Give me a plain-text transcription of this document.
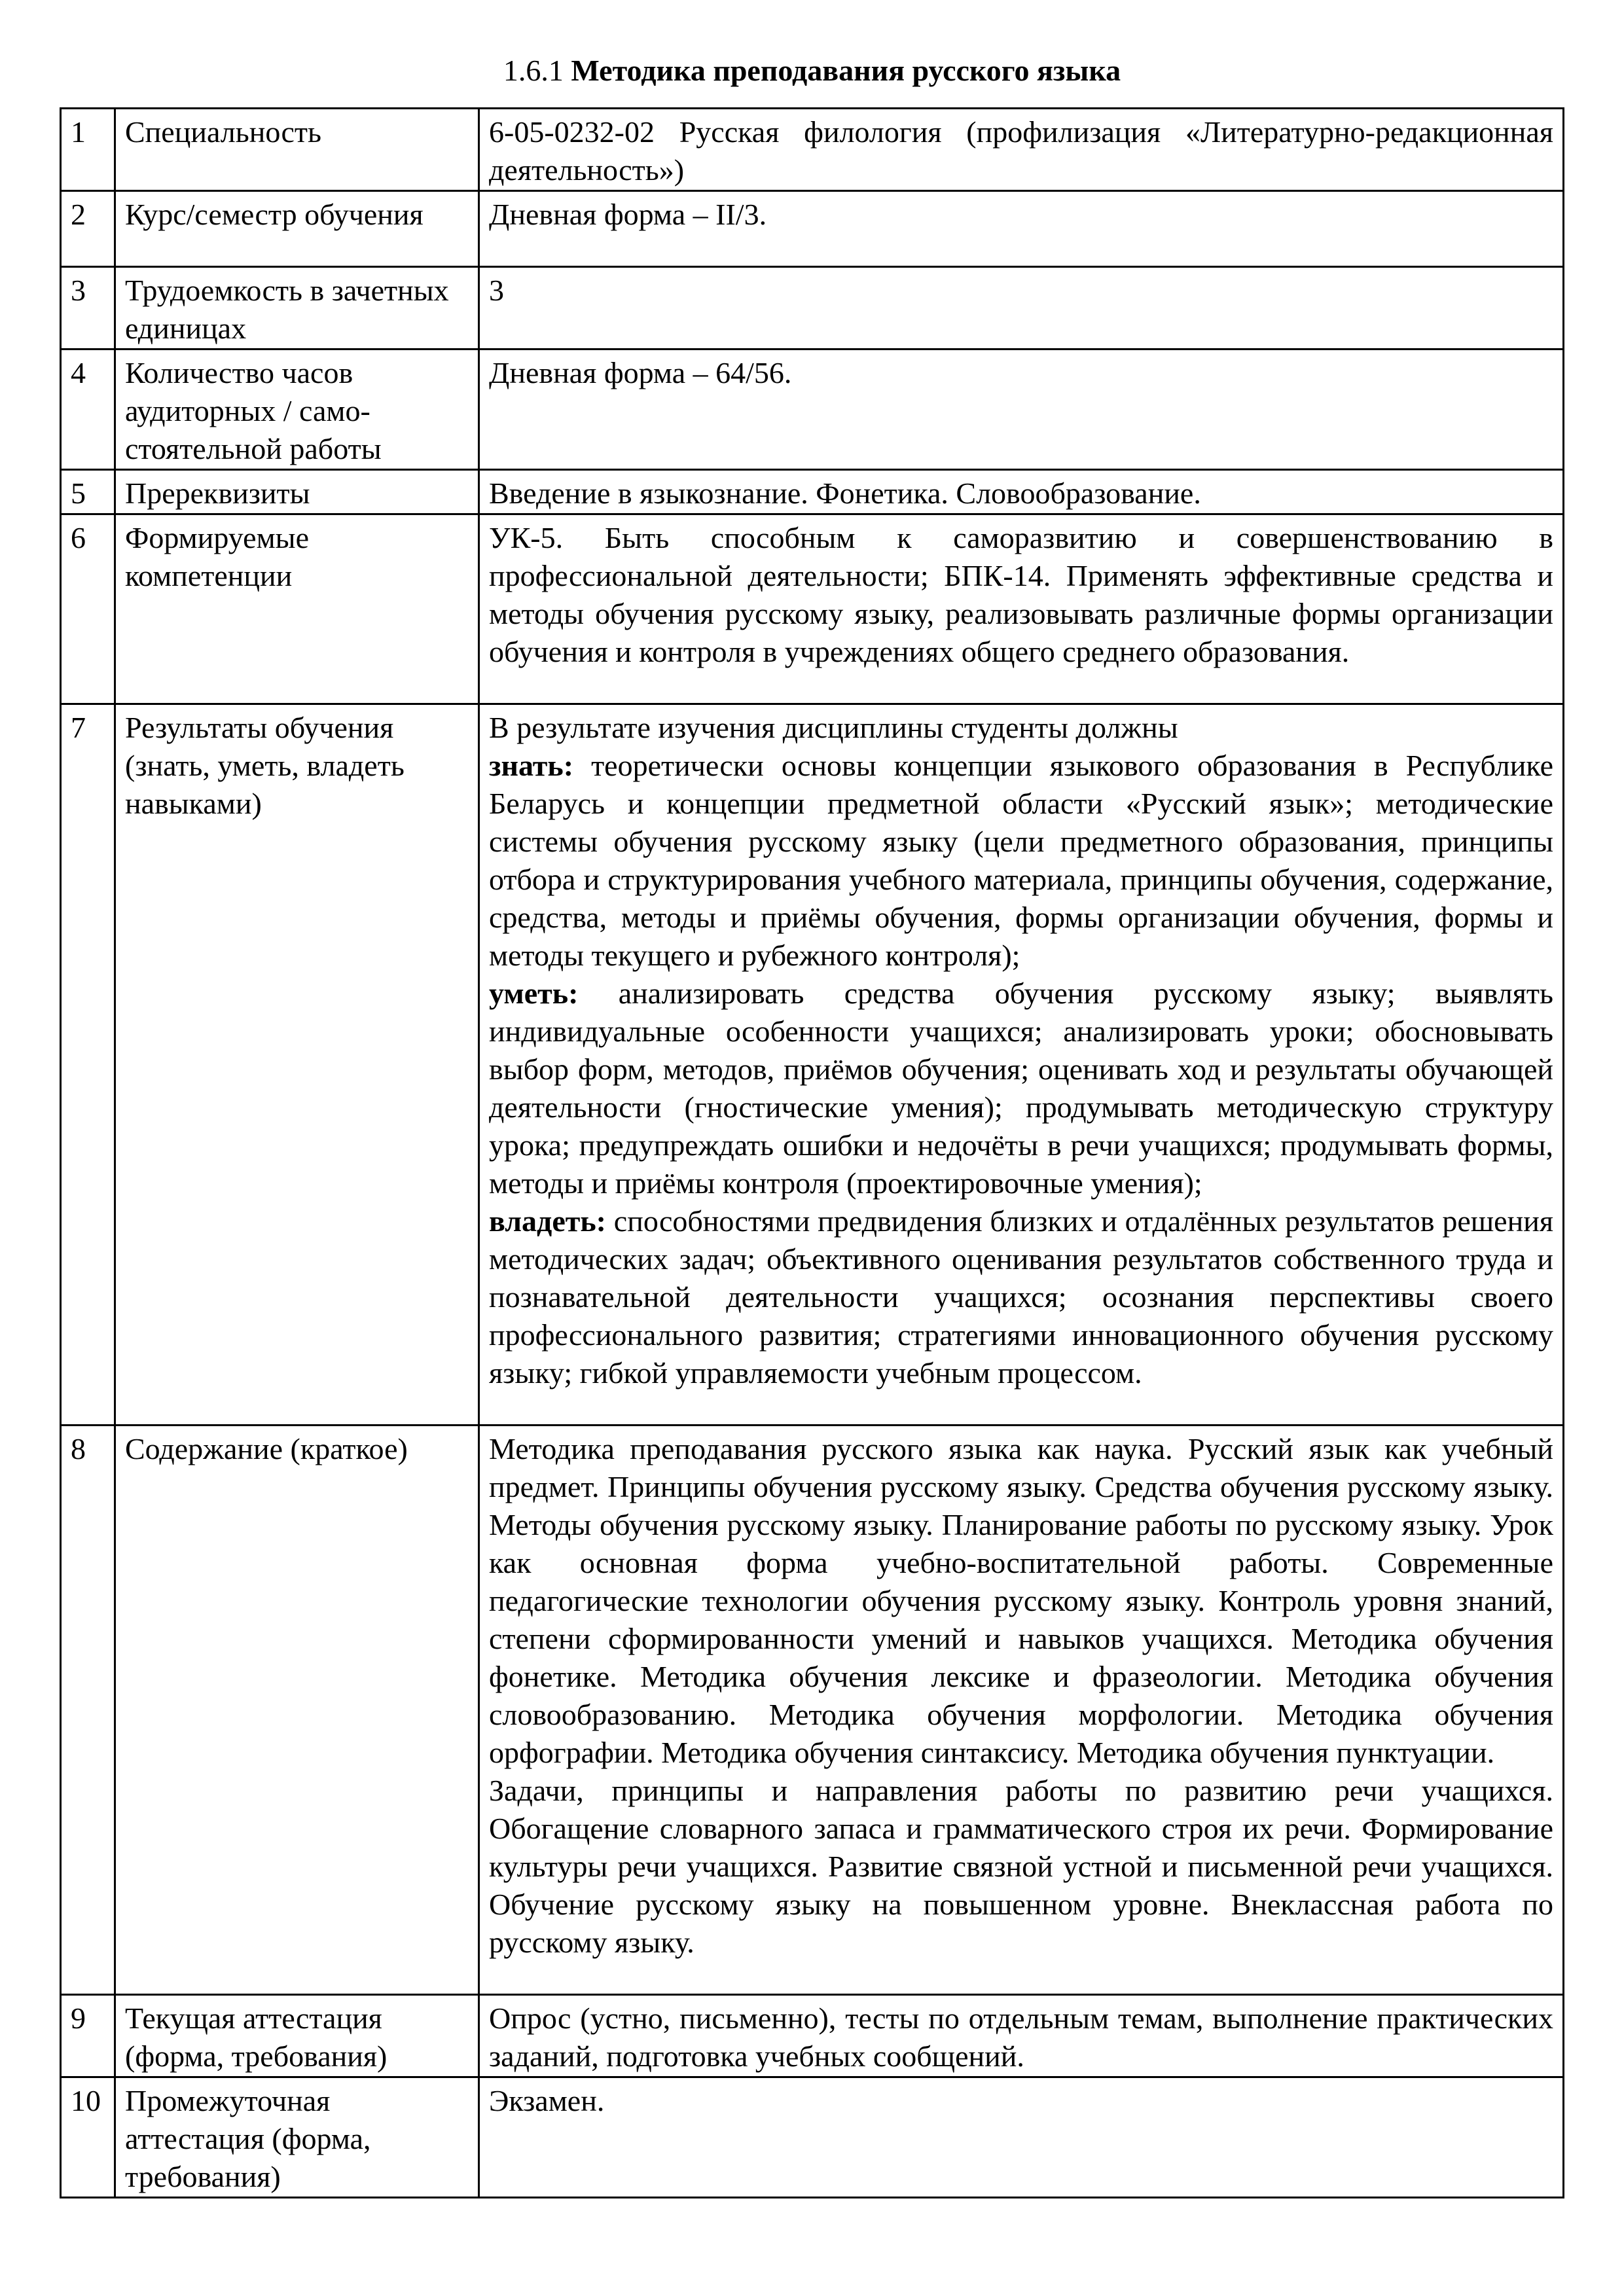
1.6.1 Методика преподавания русского языка
1	Специальность	6-05-0232-02 Русская филология (профилизация «Литературно-редакционная деятельность»)
2	Курс/семестр обучения	Дневная форма – II/3.
3	Трудоемкость в зачетных единицах	3
4	Количество часов аудиторных / само-стоятельной работы	Дневная форма – 64/56.
5	Пререквизиты	Введение в языкознание. Фонетика. Словообразование.
6	Формируемые компетенции	УК-5. Быть способным к саморазвитию и совершенствованию в профессиональной деятельности; БПК-14. Применять эффективные средства и методы обучения русскому языку, реализовывать различные формы организации обучения и контроля в учреждениях общего среднего образования.
7	Результаты обучения (знать, уметь, владеть навыками)	В результате изучения дисциплины студенты должны
знать: теоретически основы концепции языкового образования в Республике Беларусь и концепции предметной области «Русский язык»; методические системы обучения русскому языку (цели предметного образования, принципы отбора и структурирования учебного материала, принципы обучения, содержание, средства, методы и приёмы обучения, формы организации обучения, формы и методы текущего и рубежного контроля);
уметь: анализировать средства обучения русскому языку; выявлять индивидуальные особенности учащихся; анализировать уроки; обосновывать выбор форм, методов, приёмов обучения; оценивать ход и результаты обучающей деятельности (гностические умения); продумывать методическую структуру урока; предупреждать ошибки и недочёты в речи учащихся; продумывать формы, методы и приёмы контроля (проектировочные умения);
владеть: способностями предвидения близких и отдалённых результатов решения методических задач; объективного оценивания результатов собственного труда и познавательной деятельности учащихся; осознания перспективы своего профессионального развития; стратегиями инновационного обучения русскому языку; гибкой управляемости учебным процессом.

8	Содержание (краткое)	Методика преподавания русского языка как наука. Русский язык как учебный предмет. Принципы обучения русскому языку. Средства обучения русскому языку. Методы обучения русскому языку. Планирование работы по русскому языку. Урок как основная форма учебно-воспитательной работы. Современные педагогические технологии обучения русскому языку. Контроль уровня знаний, степени сформированности умений и навыков учащихся. Методика обучения фонетике. Методика обучения лексике и фразеологии. Методика обучения словообразованию. Методика обучения морфологии. Методика обучения орфографии. Методика обучения синтаксису. Методика обучения пунктуации.
Задачи, принципы и направления работы по развитию речи учащихся. Обогащение словарного запаса и грамматического строя их речи. Формирование культуры речи учащихся. Развитие связной устной и письменной речи учащихся. Обучение русскому языку на повышенном уровне. Внеклассная работа по русскому языку.

9	Текущая аттестация (форма, требования)	Опрос (устно, письменно), тесты по отдельным темам, выполнение практических заданий, подготовка учебных сообщений.
10	Промежуточная аттестация (форма, требования)	Экзамен.
